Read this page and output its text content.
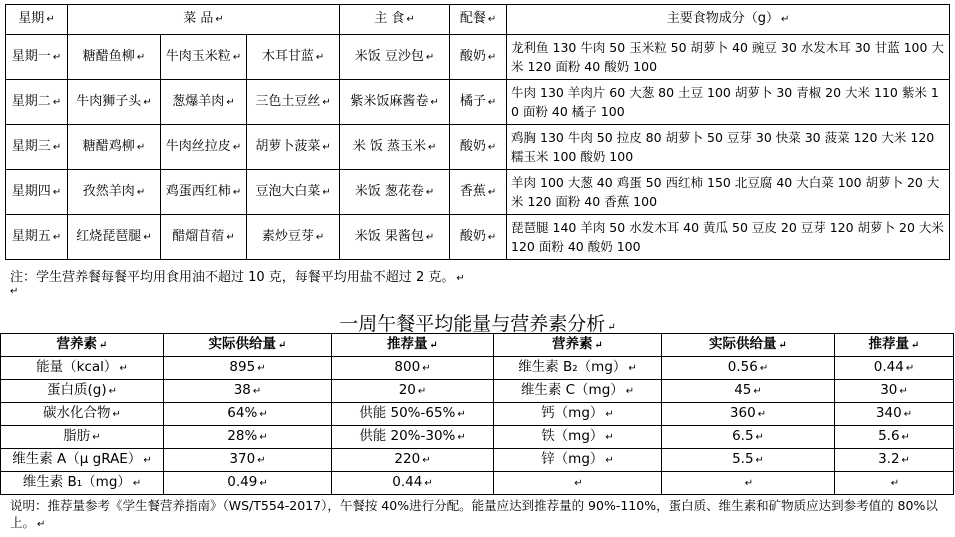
星期 ↵	菜 品 ↵			主 食 ↵	配餐 ↵	主要食物成分（g） ↵
星期一 ↵	糖醋鱼柳 ↵	牛肉玉米粒 ↵	木耳甘蓝 ↵	米饭 豆沙包 ↵	酸奶 ↵	龙利鱼 130 牛肉 50 玉米粒 50 胡萝卜 40 豌豆 30 水发木耳 30 甘蓝 100 大米 120 面粉 40 酸奶 100
星期二 ↵	牛肉狮子头 ↵	葱爆羊肉 ↵	三色土豆丝 ↵	紫米饭麻酱卷 ↵	橘子 ↵	牛肉 130 羊肉片 60 大葱 80 土豆 100 胡萝卜 30 青椒 20 大米 110 紫米 10 面粉 40 橘子 100
星期三 ↵	糖醋鸡柳 ↵	牛肉丝拉皮 ↵	胡萝卜菠菜 ↵	米 饭 蒸玉米 ↵	酸奶 ↵	鸡胸 130 牛肉 50 拉皮 80 胡萝卜 50 豆芽 30 快菜 30 菠菜 120 大米 120 糯玉米 100 酸奶 100
星期四 ↵	孜然羊肉 ↵	鸡蛋西红柿 ↵	豆泡大白菜 ↵	米饭 葱花卷 ↵	香蕉 ↵	羊肉 100 大葱 40 鸡蛋 50 西红柿 150 北豆腐 40 大白菜 100 胡萝卜 20 大米 120 面粉 40 香蕉 100
星期五 ↵	红烧琵琶腿 ↵	醋熘苜蓿 ↵	素炒豆芽 ↵	米饭 果酱包 ↵	酸奶 ↵	琵琶腿 140 羊肉 50 水发木耳 40 黄瓜 50 豆皮 20 豆芽 120 胡萝卜 20 大米 120 面粉 40 酸奶 100
注：学生营养餐每餐平均用食用油不超过 10 克，每餐平均用盐不超过 2 克。 ↵
↵
一周午餐平均能量与营养素分析 ↵
营养素 ↵	实际供给量 ↵	推荐量 ↵	营养素 ↵	实际供给量 ↵	推荐量 ↵
能量（kcal） ↵	895 ↵	800 ↵	维生素 B₂（mg） ↵	0.56 ↵	0.44 ↵
蛋白质(g) ↵	38 ↵	20 ↵	维生素 C（mg） ↵	45 ↵	30 ↵
碳水化合物 ↵	64% ↵	供能 50%-65% ↵	钙（mg） ↵	360 ↵	340 ↵
脂肪 ↵	28% ↵	供能 20%-30% ↵	铁（mg） ↵	6.5 ↵	5.6 ↵
维生素 A（μ gRAE） ↵	370 ↵	220 ↵	锌（mg） ↵	5.5 ↵	3.2 ↵
维生素 B₁（mg） ↵	0.49 ↵	0.44 ↵	↵	↵	↵
说明：推荐量参考《学生餐营养指南》（WS/T554-2017），午餐按 40%进行分配。能量应达到推荐量的 90%-110%，蛋白质、维生素和矿物质应达到参考值的 80%以上。 ↵
